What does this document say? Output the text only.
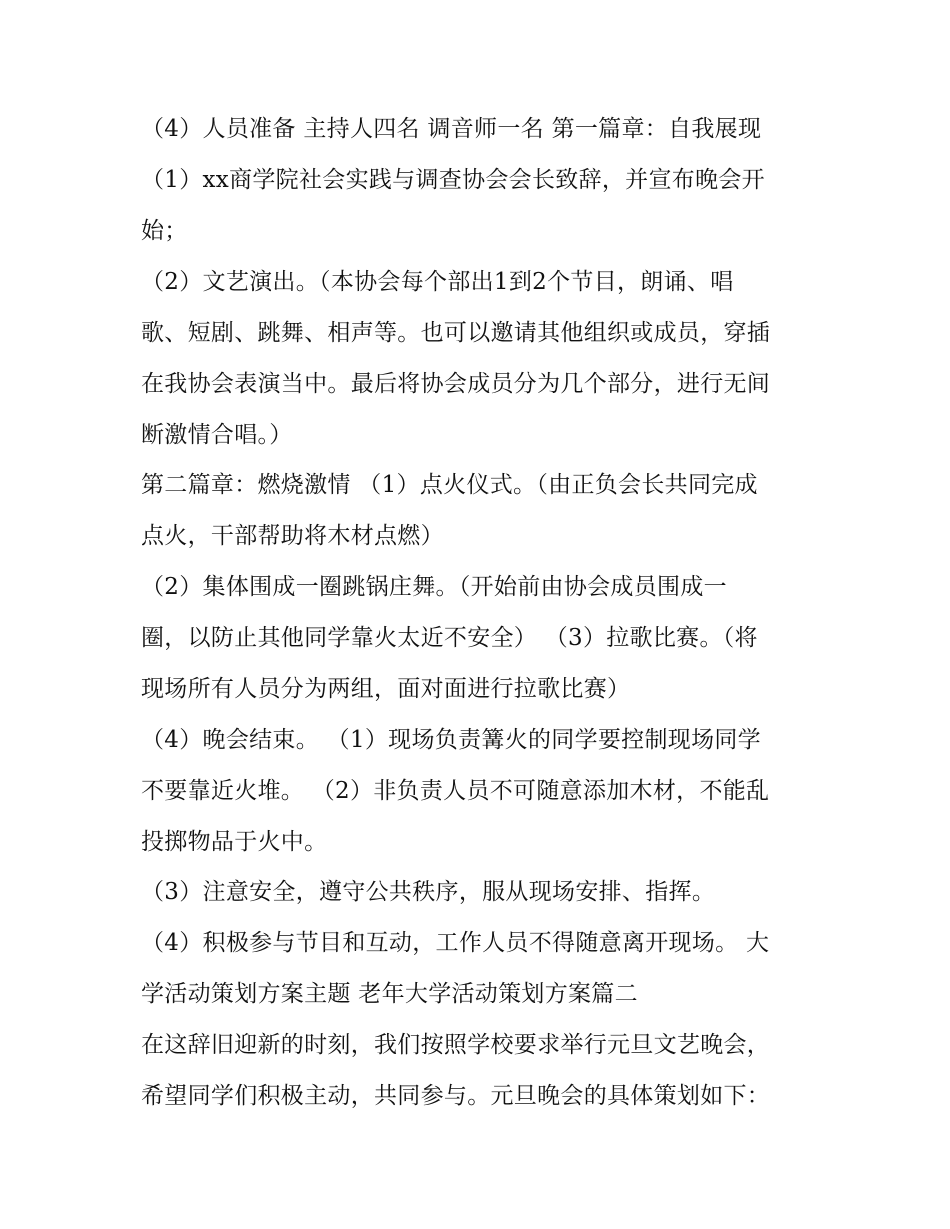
（4）人员准备 主持人四名 调音师一名 第一篇章：自我展现
（1）xx商学院社会实践与调查协会会长致辞，并宣布晚会开
始；
（2）文艺演出。（本协会每个部出1到2个节目，朗诵、唱
歌、短剧、跳舞、相声等。也可以邀请其他组织或成员，穿插
在我协会表演当中。最后将协会成员分为几个部分，进行无间
断激情合唱。）
第二篇章：燃烧激情 （1）点火仪式。（由正负会长共同完成
点火，干部帮助将木材点燃）
（2）集体围成一圈跳锅庄舞。（开始前由协会成员围成一
圈，以防止其他同学靠火太近不安全） （3）拉歌比赛。（将
现场所有人员分为两组，面对面进行拉歌比赛）
（4）晚会结束。 （1）现场负责篝火的同学要控制现场同学
不要靠近火堆。 （2）非负责人员不可随意添加木材，不能乱
投掷物品于火中。
（3）注意安全，遵守公共秩序，服从现场安排、指挥。
（4）积极参与节目和互动，工作人员不得随意离开现场。 大
学活动策划方案主题 老年大学活动策划方案篇二
在这辞旧迎新的时刻，我们按照学校要求举行元旦文艺晚会，
希望同学们积极主动，共同参与。元旦晚会的具体策划如下：
